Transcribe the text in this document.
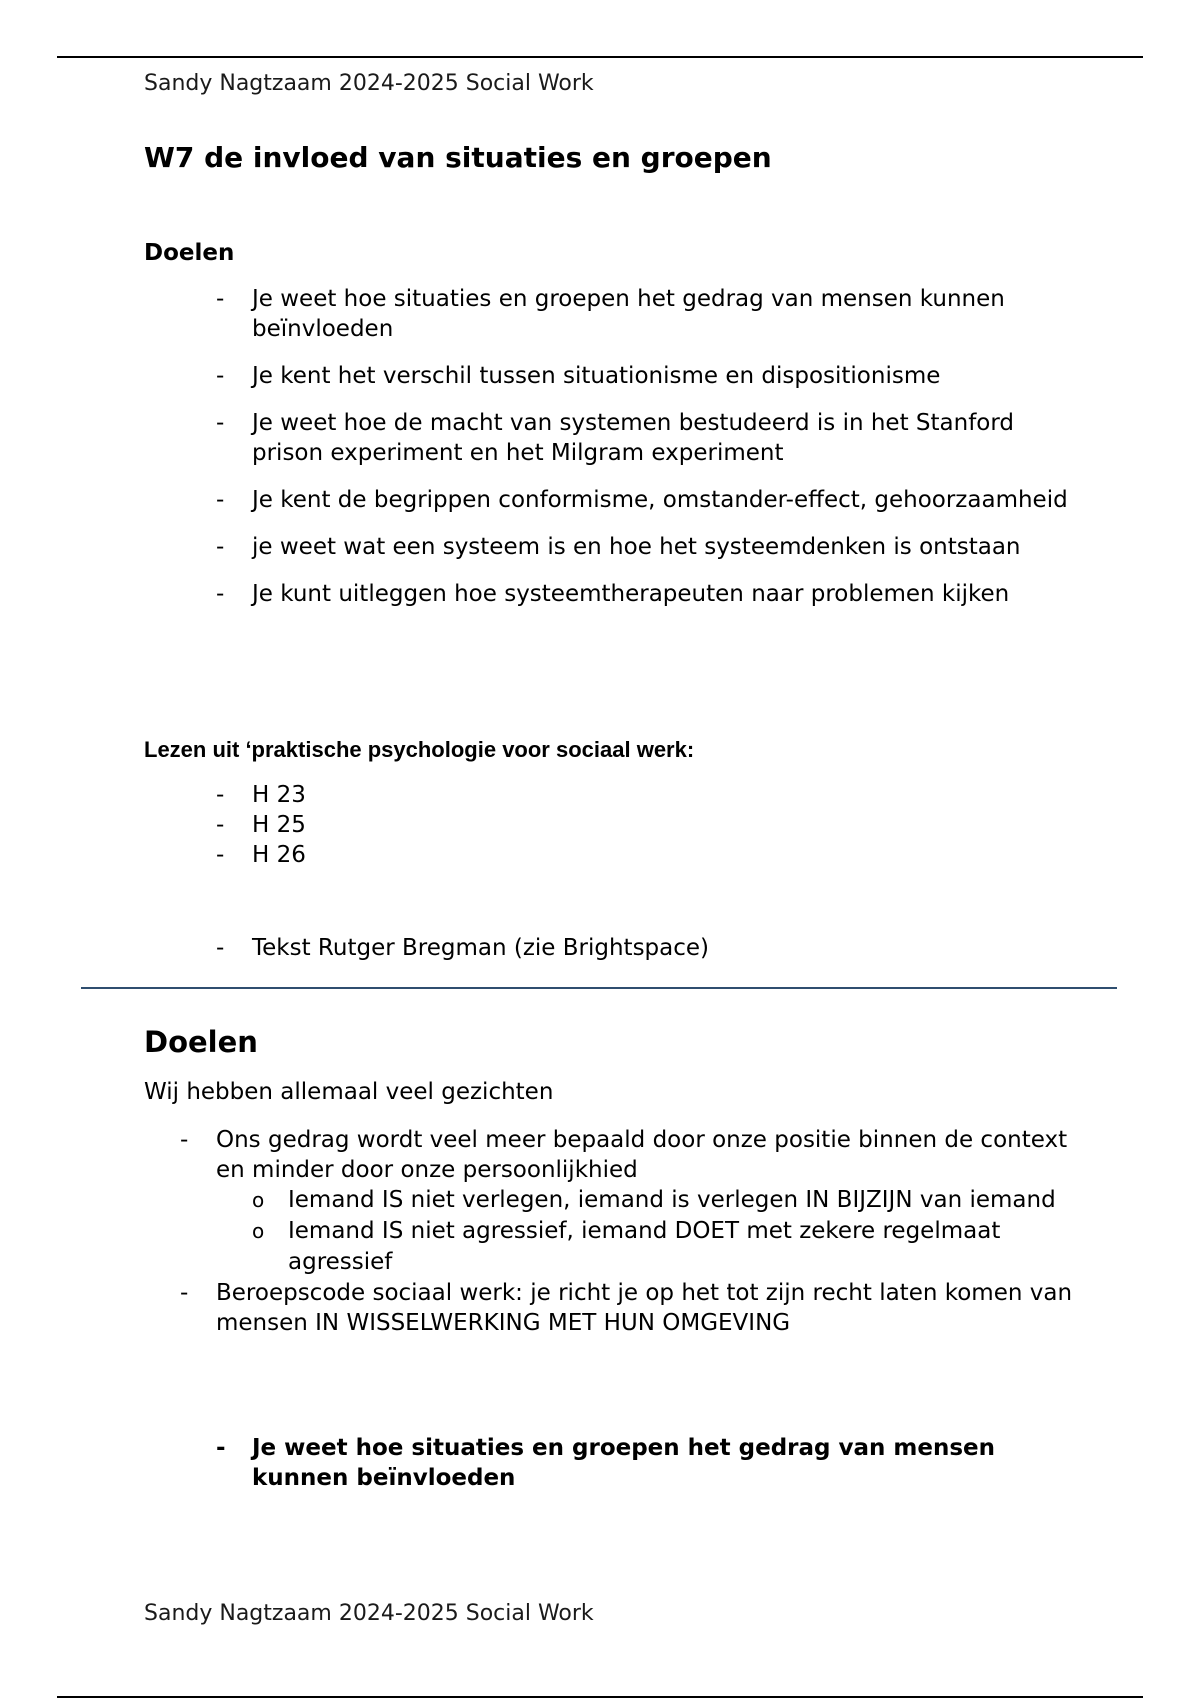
Sandy Nagtzaam 2024-2025 Social Work
W7 de invloed van situaties en groepen
Doelen
- Je weet hoe situaties en groepen het gedrag van mensen kunnen beïnvloeden
- Je kent het verschil tussen situationisme en dispositionisme
- Je weet hoe de macht van systemen bestudeerd is in het Stanford prison experiment en het Milgram experiment
- Je kent de begrippen conformisme, omstander-effect, gehoorzaamheid
- je weet wat een systeem is en hoe het systeemdenken is ontstaan
- Je kunt uitleggen hoe systeemtherapeuten naar problemen kijken
Lezen uit ‘praktische psychologie voor sociaal werk:
- H 23
- H 25
- H 26
- Tekst Rutger Bregman (zie Brightspace)
Doelen

Wij hebben allemaal veel gezichten

- Ons gedrag wordt veel meer bepaald door onze positie binnen de context en minder door onze persoonlijkhied
o Iemand IS niet verlegen, iemand is verlegen IN BIJZIJN van iemand
o Iemand IS niet agressief, iemand DOET met zekere regelmaat agressief
- Beroepscode sociaal werk: je richt je op het tot zijn recht laten komen van mensen IN WISSELWERKING MET HUN OMGEVING
- Je weet hoe situaties en groepen het gedrag van mensen kunnen beïnvloeden
Sandy Nagtzaam 2024-2025 Social Work
